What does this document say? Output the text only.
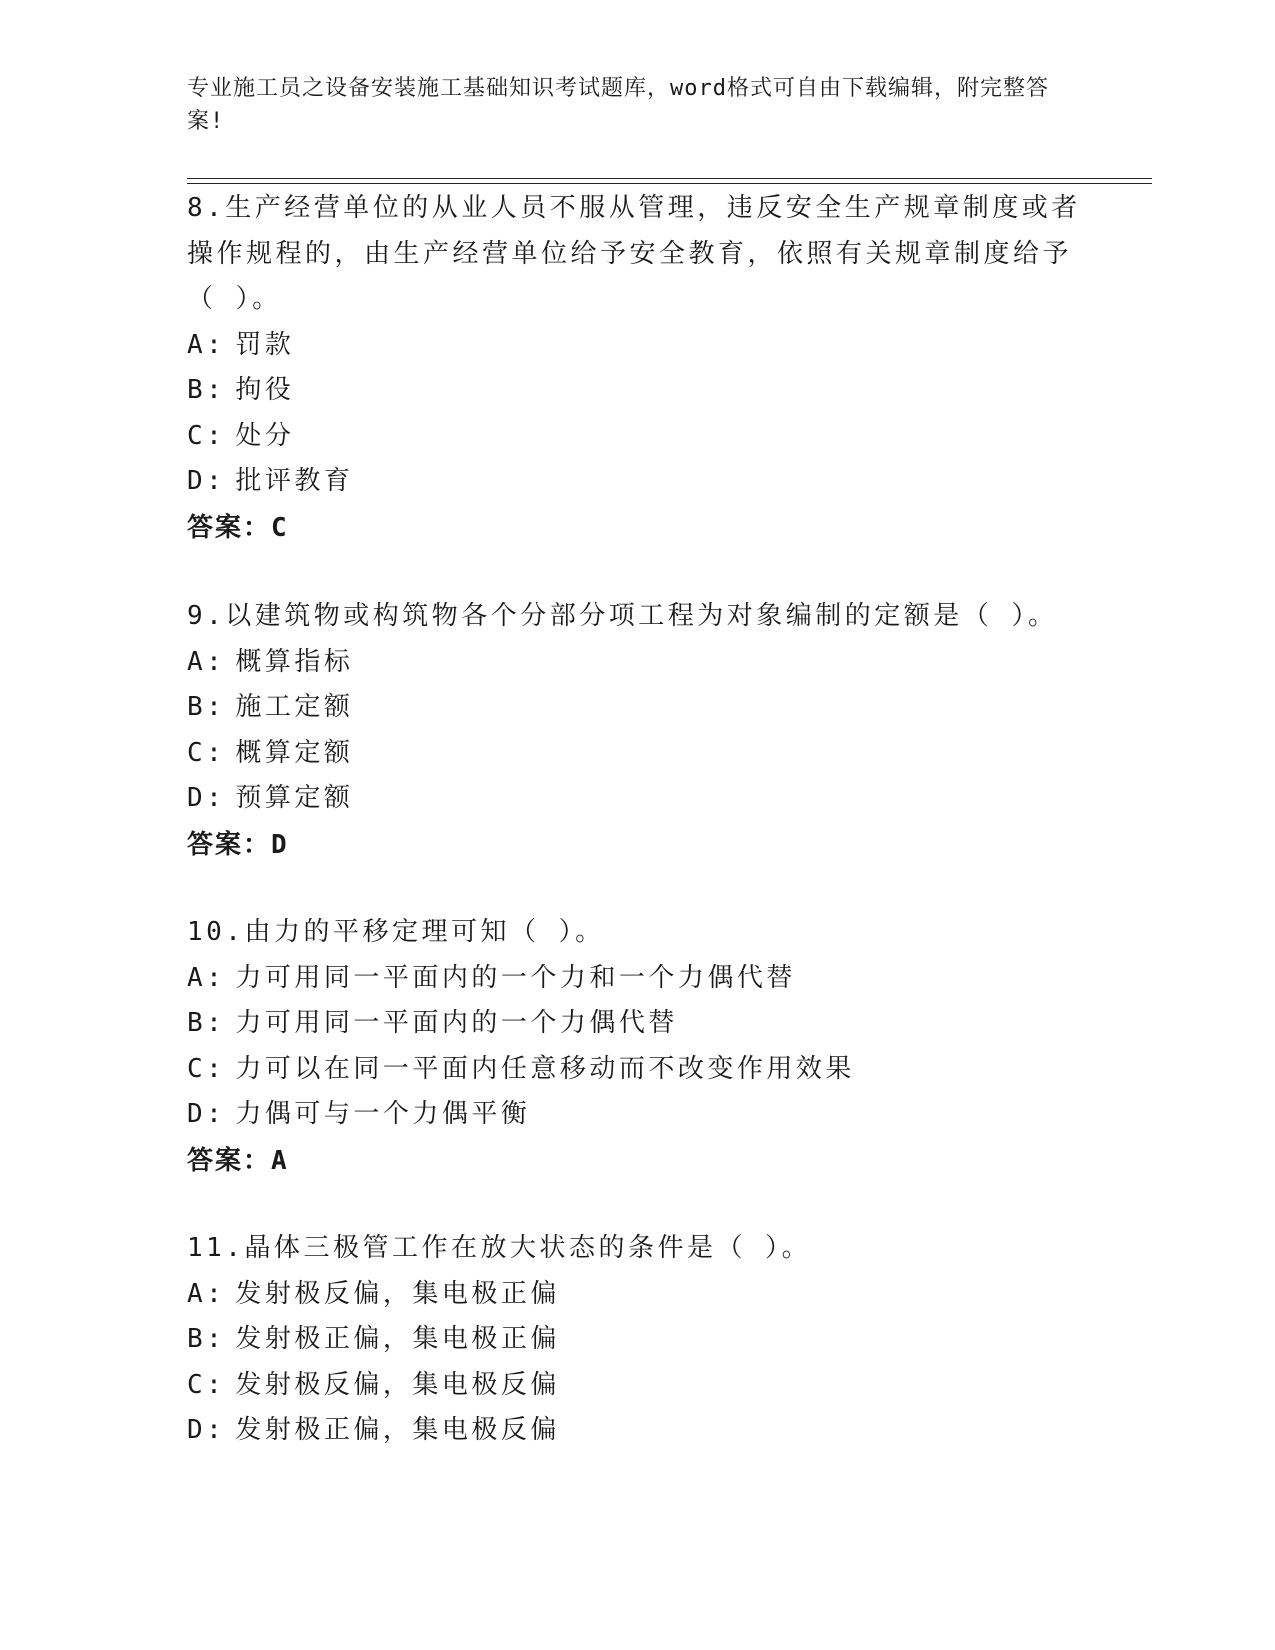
专业施工员之设备安装施工基础知识考试题库，word格式可自由下载编辑，附完整答案!
8.生产经营单位的从业人员不服从管理，违反安全生产规章制度或者操作规程的，由生产经营单位给予安全教育，依照有关规章制度给予（ ）。
A: 罚款
B: 拘役
C: 处分
D: 批评教育
答案：C
9.以建筑物或构筑物各个分部分项工程为对象编制的定额是（ ）。
A: 概算指标
B: 施工定额
C: 概算定额
D: 预算定额
答案：D
10.由力的平移定理可知（ ）。
A: 力可用同一平面内的一个力和一个力偶代替
B: 力可用同一平面内的一个力偶代替
C: 力可以在同一平面内任意移动而不改变作用效果
D: 力偶可与一个力偶平衡
答案：A
11.晶体三极管工作在放大状态的条件是（ ）。
A: 发射极反偏，集电极正偏
B: 发射极正偏，集电极正偏
C: 发射极反偏，集电极反偏
D: 发射极正偏，集电极反偏
